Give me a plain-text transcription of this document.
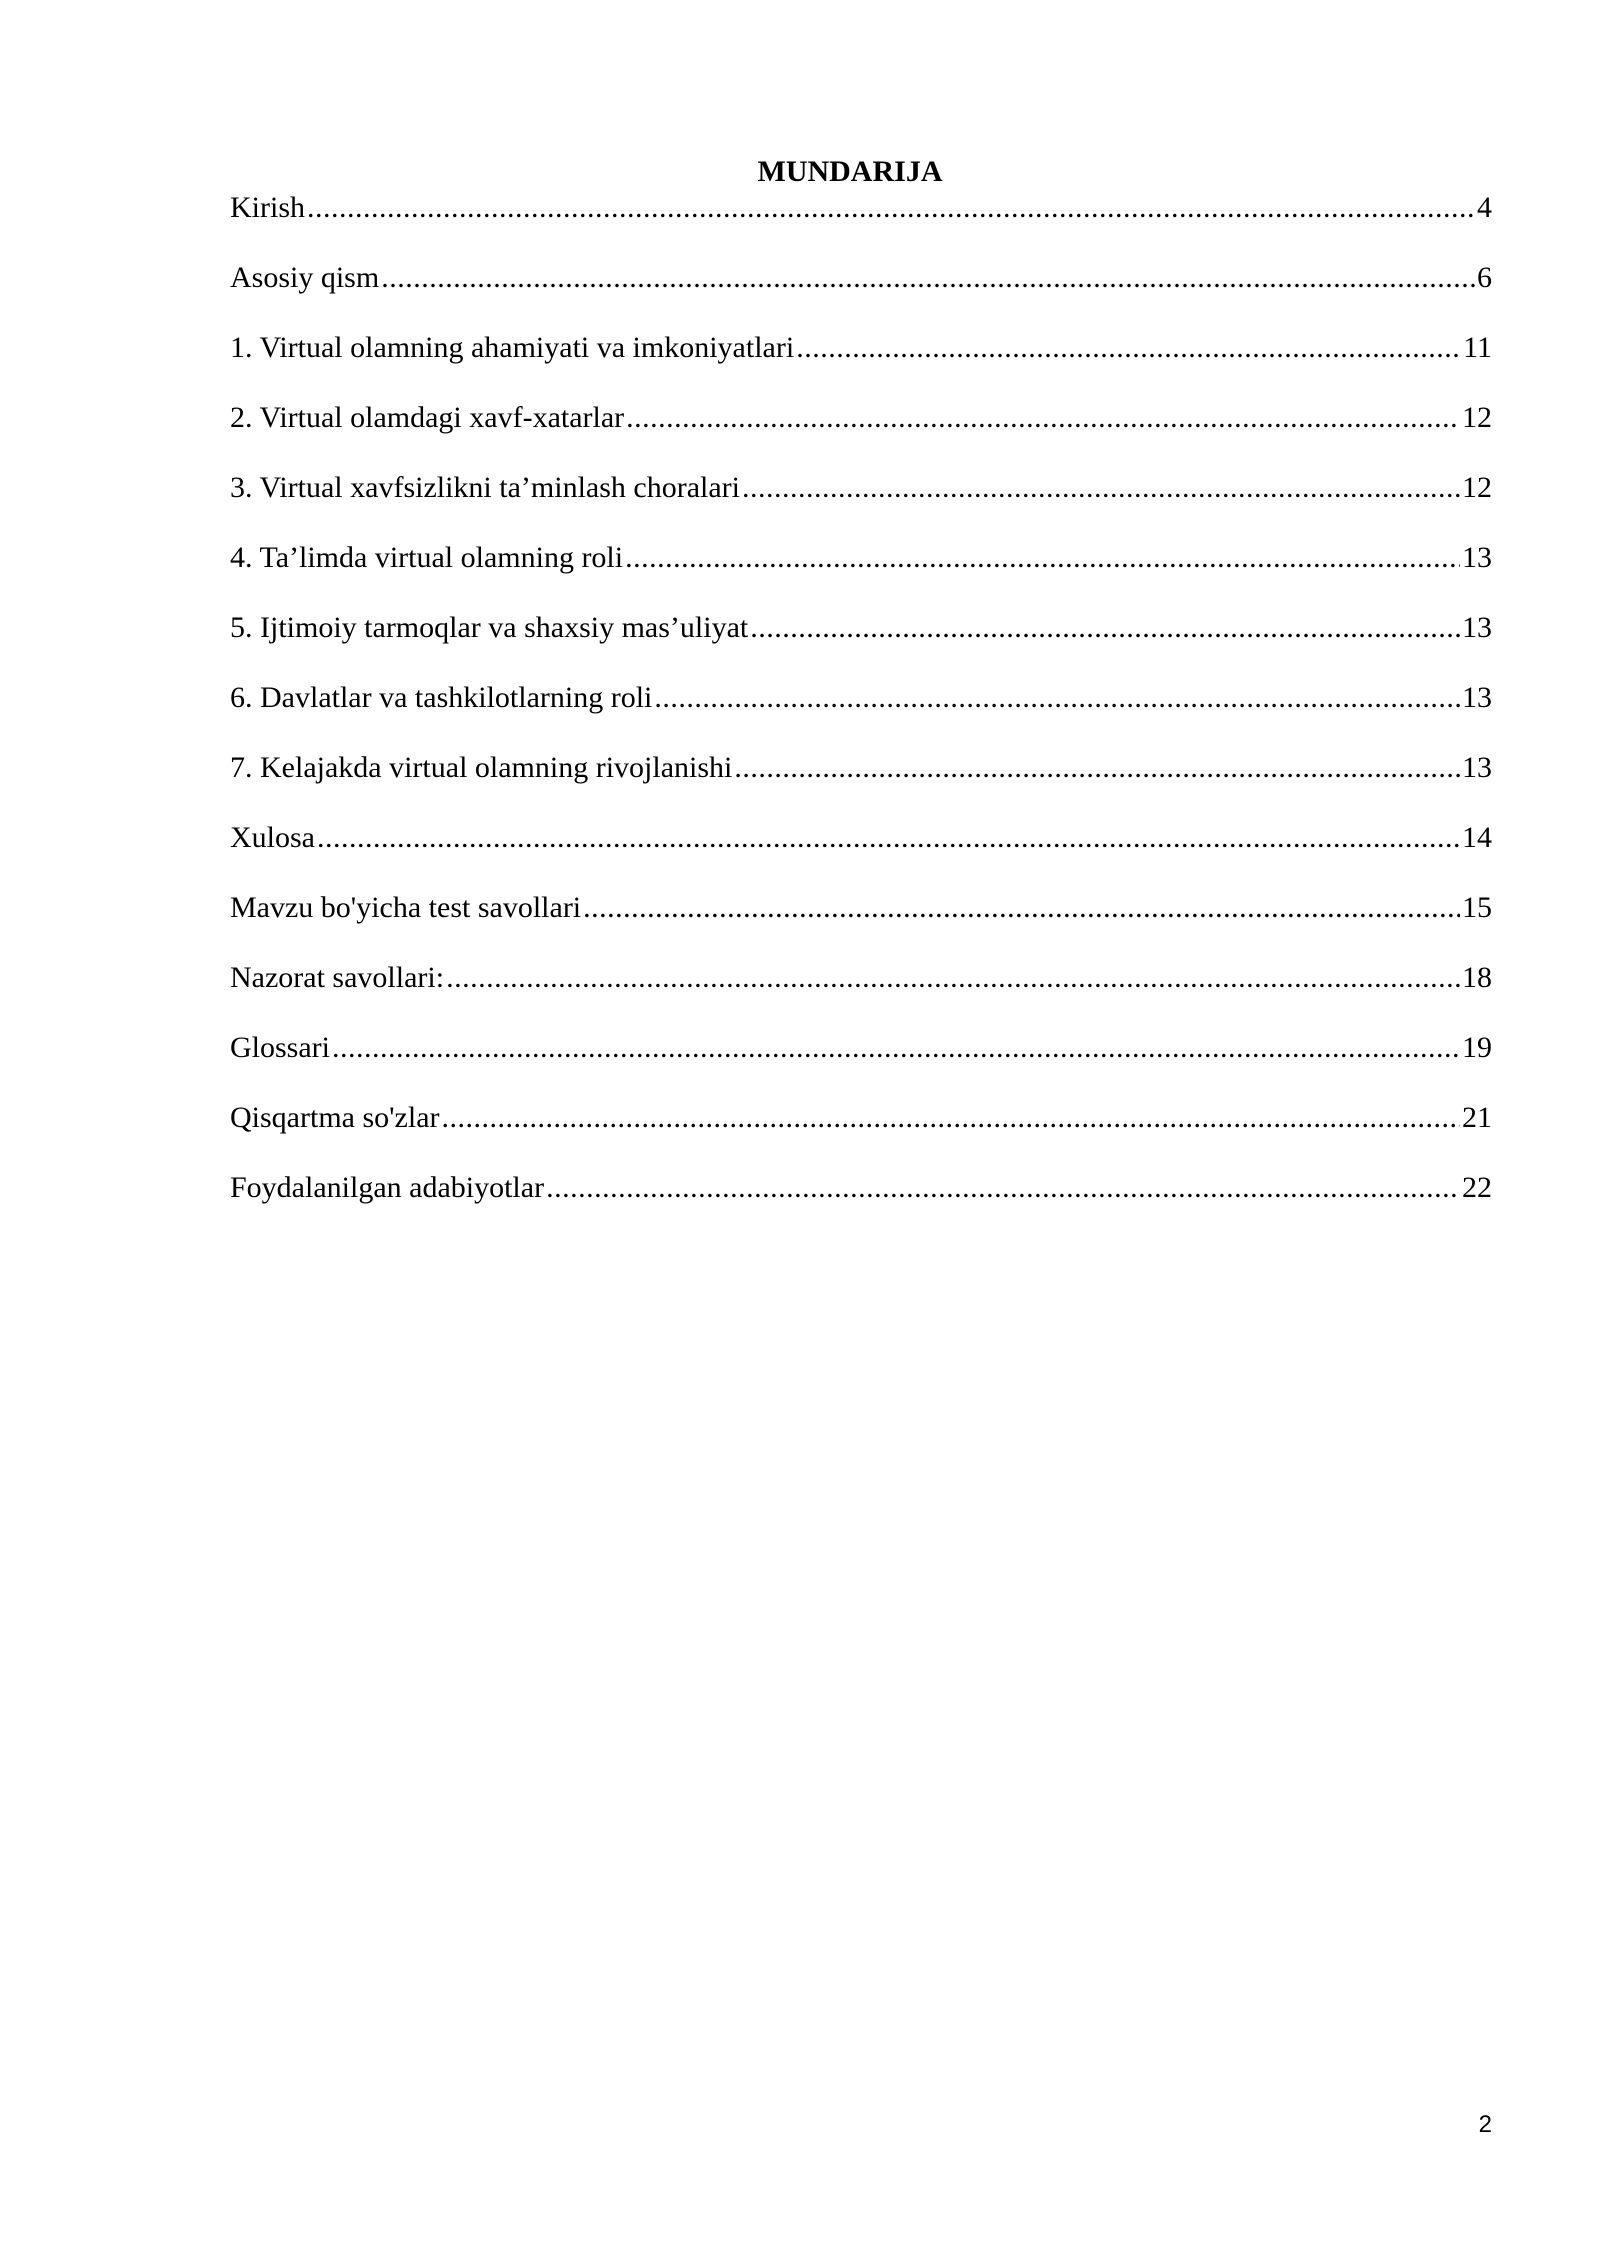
MUNDARIJA
Kirish .....	4
Asosiy qism .....	6
1. Virtual olamning ahamiyati va imkoniyatlari .....	11
2. Virtual olamdagi xavf-xatarlar .....	12
3. Virtual xavfsizlikni ta’minlash choralari .....	12
4. Ta’limda virtual olamning roli .....	13
5. Ijtimoiy tarmoqlar va shaxsiy mas’uliyat .....	13
6. Davlatlar va tashkilotlarning roli .....	13
7. Kelajakda virtual olamning rivojlanishi .....	13
Xulosa .....	14
Mavzu bo'yicha test savollari .....	15
Nazorat savollari: .....	18
Glossari .....	19
Qisqartma so'zlar .....	21
Foydalanilgan adabiyotlar .....	22
2
